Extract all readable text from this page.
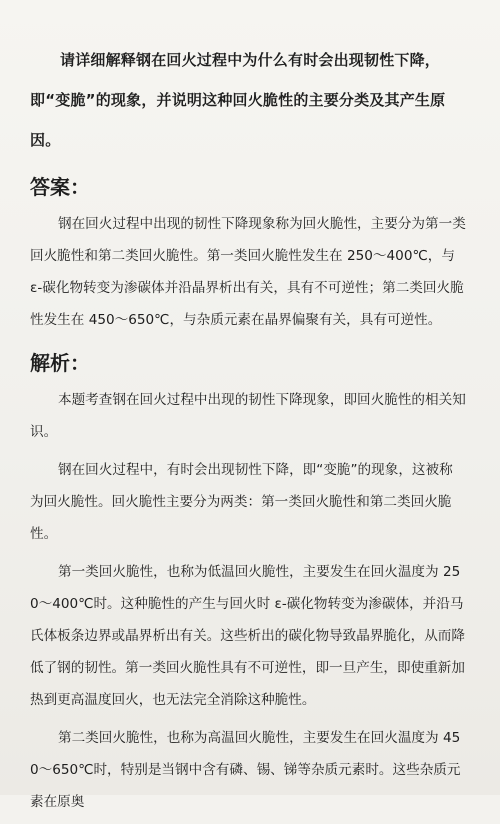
请详细解释钢在回火过程中为什么有时会出现韧性下降，即“变脆”的现象，并说明这种回火脆性的主要分类及其产生原因。
答案：

钢在回火过程中出现的韧性下降现象称为回火脆性，主要分为第一类回火脆性和第二类回火脆性。第一类回火脆性发生在 250～400℃，与 ε-碳化物转变为渗碳体并沿晶界析出有关，具有不可逆性；第二类回火脆性发生在 450～650℃，与杂质元素在晶界偏聚有关，具有可逆性。

解析：

本题考查钢在回火过程中出现的韧性下降现象，即回火脆性的相关知识。

钢在回火过程中，有时会出现韧性下降，即“变脆”的现象，这被称为回火脆性。回火脆性主要分为两类：第一类回火脆性和第二类回火脆性。

第一类回火脆性，也称为低温回火脆性，主要发生在回火温度为 250～400℃时。这种脆性的产生与回火时 ε-碳化物转变为渗碳体，并沿马氏体板条边界或晶界析出有关。这些析出的碳化物导致晶界脆化，从而降低了钢的韧性。第一类回火脆性具有不可逆性，即一旦产生，即使重新加热到更高温度回火，也无法完全消除这种脆性。

第二类回火脆性，也称为高温回火脆性，主要发生在回火温度为 450～650℃时，特别是当钢中含有磷、锡、锑等杂质元素时。这些杂质元素在原奥
